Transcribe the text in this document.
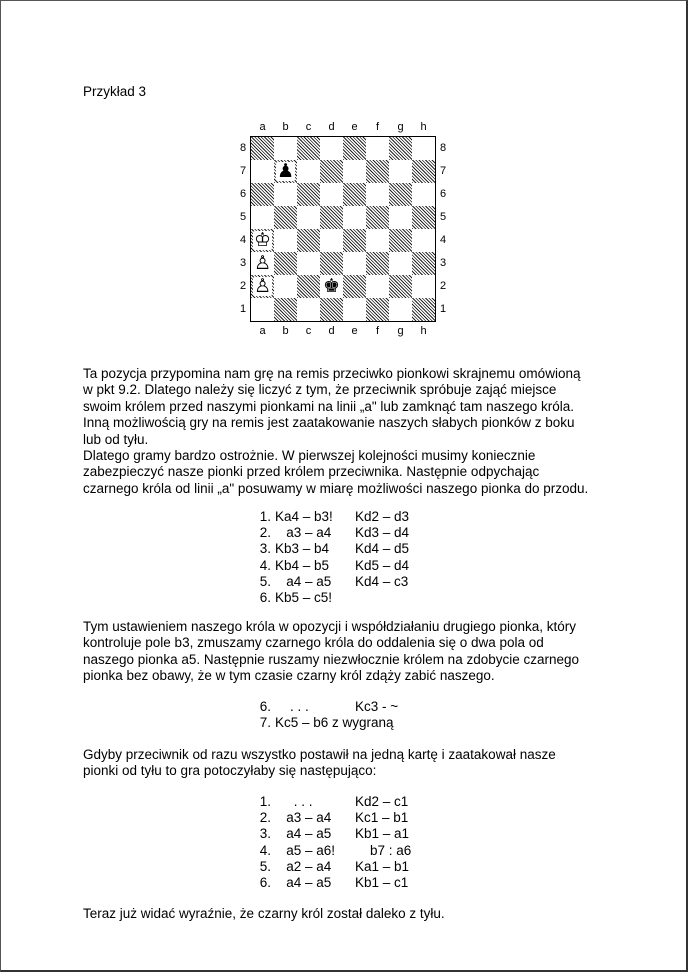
Przykład 3
a	b	c	d	e	f	g	h
8
7
6
5
4
3
2
1
♟
♔
♙
♙	♚
8
7
6
5
4
3
2
1
a	b	c	d	e	f	g	h
Ta pozycja przypomina nam grę na remis przeciwko pionkowi skrajnemu omówioną
w pkt 9.2. Dlatego należy się liczyć z tym, że przeciwnik spróbuje zająć miejsce
swoim królem przed naszymi pionkami na linii „a" lub zamknąć tam naszego króla.
Inną możliwością gry na remis jest zaatakowanie naszych słabych pionków z boku
lub od tyłu.
Dlatego gramy bardzo ostrożnie. W pierwszej kolejności musimy koniecznie
zabezpieczyć nasze pionki przed królem przeciwnika. Następnie odpychając
czarnego króla od linii „a" posuwamy w miarę możliwości naszego pionka do przodu.
1. Ka4 – b3!	Kd2 – d3
2. a3 – a4	Kd3 – d4
3. Kb3 – b4	Kd4 – d5
4. Kb4 – b5	Kd5 – d4
5. a4 – a5	Kd4 – c3
6. Kb5 – c5!
Tym ustawieniem naszego króla w opozycji i współdziałaniu drugiego pionka, który
kontroluje pole b3, zmuszamy czarnego króla do oddalenia się o dwa pola od
naszego pionka a5. Następnie ruszamy niezwłocznie królem na zdobycie czarnego
pionka bez obawy, że w tym czasie czarny król zdąży zabić naszego.
6. . . .	Kc3 - ~
7. Kc5 – b6 z wygraną
Gdyby przeciwnik od razu wszystko postawił na jedną kartę i zaatakował nasze
pionki od tyłu to gra potoczyłaby się następująco:
1. . . .	Kd2 – c1
2. a3 – a4	Kc1 – b1
3. a4 – a5	Kb1 – a1
4. a5 – a6!	b7 : a6
5. a2 – a4	Ka1 – b1
6. a4 – a5	Kb1 – c1
Teraz już widać wyraźnie, że czarny król został daleko z tyłu.
